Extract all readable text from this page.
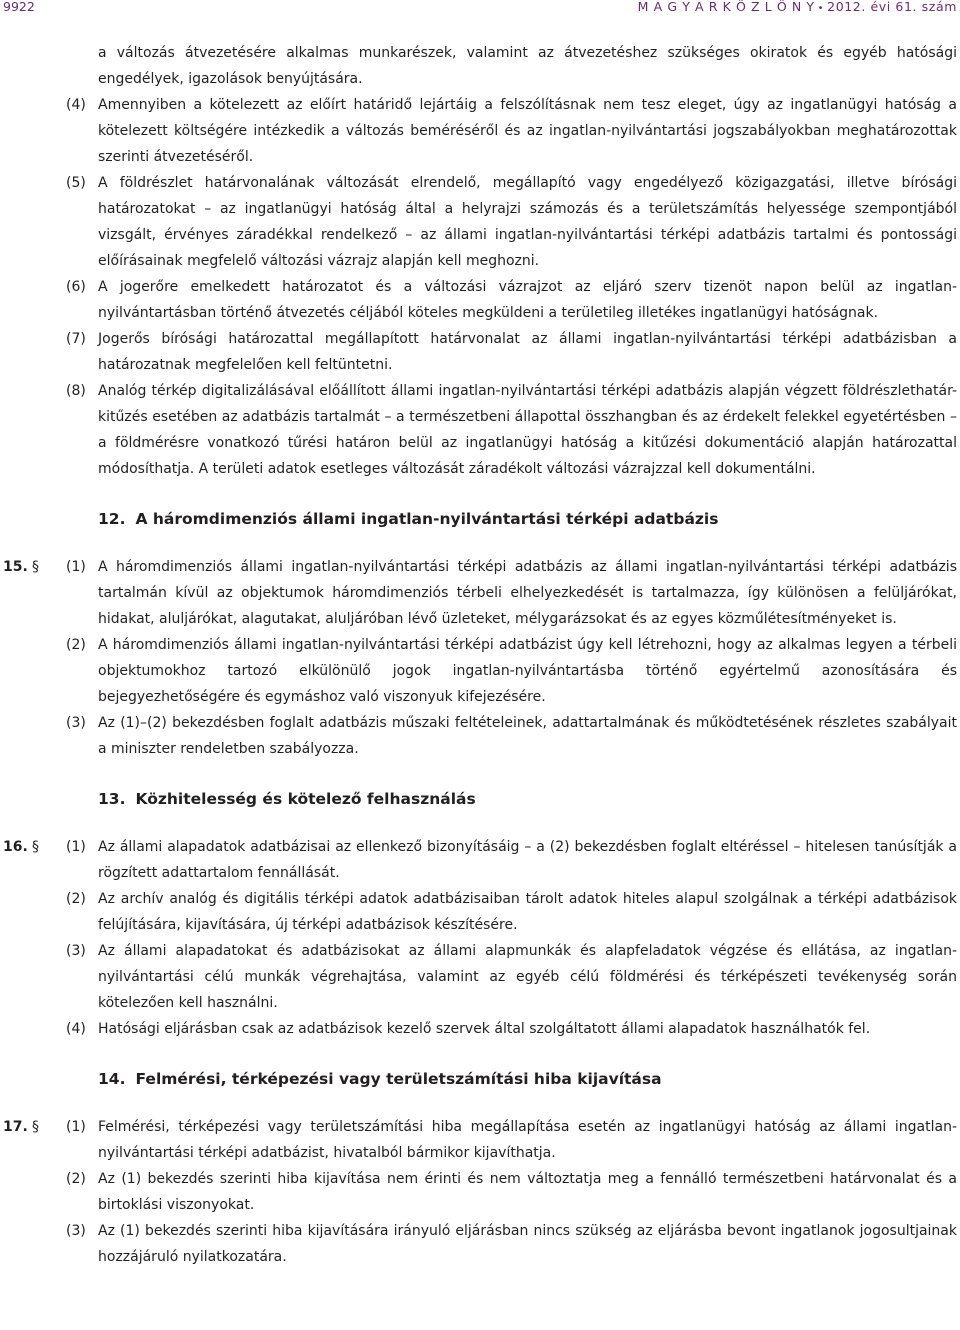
9922	M A G Y A R K Ö Z L Ö N Y • 2012. évi 61. szám
a változás átvezetésére alkalmas munkarészek, valamint az átvezetéshez szükséges okiratok és egyéb hatósági engedélyek, igazolások benyújtására.
(4) Amennyiben a kötelezett az előírt határidő lejártáig a felszólításnak nem tesz eleget, úgy az ingatlanügyi hatóság a kötelezett költségére intézkedik a változás beméréséről és az ingatlan-nyilvántartási jogszabályokban meghatározottak szerinti átvezetéséről.
(5) A földrészlet határvonalának változását elrendelő, megállapító vagy engedélyező közigazgatási, illetve bírósági határozatokat – az ingatlanügyi hatóság által a helyrajzi számozás és a területszámítás helyessége szempontjából vizsgált, érvényes záradékkal rendelkező – az állami ingatlan-nyilvántartási térképi adatbázis tartalmi és pontossági előírásainak megfelelő változási vázrajz alapján kell meghozni.
(6) A jogerőre emelkedett határozatot és a változási vázrajzot az eljáró szerv tizenöt napon belül az ingatlan-nyilvántartásban történő átvezetés céljából köteles megküldeni a területileg illetékes ingatlanügyi hatóságnak.
(7) Jogerős bírósági határozattal megállapított határvonalat az állami ingatlan-nyilvántartási térképi adatbázisban a határozatnak megfelelően kell feltüntetni.
(8) Analóg térkép digitalizálásával előállított állami ingatlan-nyilvántartási térképi adatbázis alapján végzett földrészlethatár-kitűzés esetében az adatbázis tartalmát – a természetbeni állapottal összhangban és az érdekelt felekkel egyetértésben – a földmérésre vonatkozó tűrési határon belül az ingatlanügyi hatóság a kitűzési dokumentáció alapján határozattal módosíthatja. A területi adatok esetleges változását záradékolt változási vázrajzzal kell dokumentálni.
12. A háromdimenziós állami ingatlan-nyilvántartási térképi adatbázis
15. § (1) A háromdimenziós állami ingatlan-nyilvántartási térképi adatbázis az állami ingatlan-nyilvántartási térképi adatbázis tartalmán kívül az objektumok háromdimenziós térbeli elhelyezkedését is tartalmazza, így különösen a felüljárókat, hidakat, aluljárókat, alagutakat, aluljáróban lévő üzleteket, mélygarázsokat és az egyes közműlétesítményeket is.
(2) A háromdimenziós állami ingatlan-nyilvántartási térképi adatbázist úgy kell létrehozni, hogy az alkalmas legyen a térbeli objektumokhoz tartozó elkülönülő jogok ingatlan-nyilvántartásba történő egyértelmű azonosítására és bejegyezhetőségére és egymáshoz való viszonyuk kifejezésére.
(3) Az (1)–(2) bekezdésben foglalt adatbázis műszaki feltételeinek, adattartalmának és működtetésének részletes szabályait a miniszter rendeletben szabályozza.
13. Közhitelesség és kötelező felhasználás
16. § (1) Az állami alapadatok adatbázisai az ellenkező bizonyításáig – a (2) bekezdésben foglalt eltéréssel – hitelesen tanúsítják a rögzített adattartalom fennállását.
(2) Az archív analóg és digitális térképi adatok adatbázisaiban tárolt adatok hiteles alapul szolgálnak a térképi adatbázisok felújítására, kijavítására, új térképi adatbázisok készítésére.
(3) Az állami alapadatokat és adatbázisokat az állami alapmunkák és alapfeladatok végzése és ellátása, az ingatlan-nyilvántartási célú munkák végrehajtása, valamint az egyéb célú földmérési és térképészeti tevékenység során kötelezően kell használni.
(4) Hatósági eljárásban csak az adatbázisok kezelő szervek által szolgáltatott állami alapadatok használhatók fel.
14. Felmérési, térképezési vagy területszámítási hiba kijavítása
17. § (1) Felmérési, térképezési vagy területszámítási hiba megállapítása esetén az ingatlanügyi hatóság az állami ingatlan-nyilvántartási térképi adatbázist, hivatalból bármikor kijavíthatja.
(2) Az (1) bekezdés szerinti hiba kijavítása nem érinti és nem változtatja meg a fennálló természetbeni határvonalat és a birtoklási viszonyokat.
(3) Az (1) bekezdés szerinti hiba kijavítására irányuló eljárásban nincs szükség az eljárásba bevont ingatlanok jogosultjainak hozzájáruló nyilatkozatára.
